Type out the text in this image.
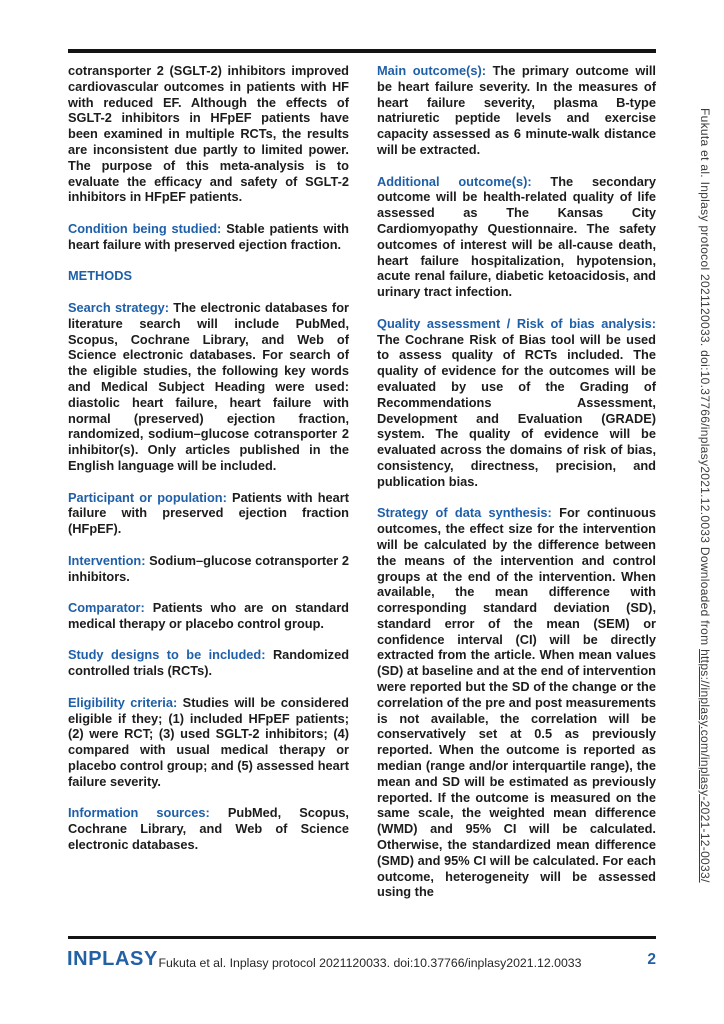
cotransporter 2 (SGLT-2) inhibitors improved cardiovascular outcomes in patients with HF with reduced EF. Although the effects of SGLT-2 inhibitors in HFpEF patients have been examined in multiple RCTs, the results are inconsistent due partly to limited power. The purpose of this meta-analysis is to evaluate the efficacy and safety of SGLT-2 inhibitors in HFpEF patients.

Condition being studied: Stable patients with heart failure with preserved ejection fraction.

METHODS

Search strategy: The electronic databases for literature search will include PubMed, Scopus, Cochrane Library, and Web of Science electronic databases. For search of the eligible studies, the following key words and Medical Subject Heading were used: diastolic heart failure, heart failure with normal (preserved) ejection fraction, randomized, sodium–glucose cotransporter 2 inhibitor(s). Only articles published in the English language will be included.

Participant or population: Patients with heart failure with preserved ejection fraction (HFpEF).

Intervention: Sodium–glucose cotransporter 2 inhibitors.

Comparator: Patients who are on standard medical therapy or placebo control group.

Study designs to be included: Randomized controlled trials (RCTs).

Eligibility criteria: Studies will be considered eligible if they; (1) included HFpEF patients; (2) were RCT; (3) used SGLT-2 inhibitors; (4) compared with usual medical therapy or placebo control group; and (5) assessed heart failure severity.

Information sources: PubMed, Scopus, Cochrane Library, and Web of Science electronic databases.

Main outcome(s): The primary outcome will be heart failure severity. In the measures of heart failure severity, plasma B-type natriuretic peptide levels and exercise capacity assessed as 6 minute-walk distance will be extracted.

Additional outcome(s): The secondary outcome will be health-related quality of life assessed as The Kansas City Cardiomyopathy Questionnaire. The safety outcomes of interest will be all-cause death, heart failure hospitalization, hypotension, acute renal failure, diabetic ketoacidosis, and urinary tract infection.

Quality assessment / Risk of bias analysis: The Cochrane Risk of Bias tool will be used to assess quality of RCTs included. The quality of evidence for the outcomes will be evaluated by use of the Grading of Recommendations Assessment, Development and Evaluation (GRADE) system. The quality of evidence will be evaluated across the domains of risk of bias, consistency, directness, precision, and publication bias.

Strategy of data synthesis: For continuous outcomes, the effect size for the intervention will be calculated by the difference between the means of the intervention and control groups at the end of the intervention. When available, the mean difference with corresponding standard deviation (SD), standard error of the mean (SEM) or confidence interval (CI) will be directly extracted from the article. When mean values (SD) at baseline and at the end of intervention were reported but the SD of the change or the correlation of the pre and post measurements is not available, the correlation will be conservatively set at 0.5 as previously reported. When the outcome is reported as median (range and/or interquartile range), the mean and SD will be estimated as previously reported. If the outcome is measured on the same scale, the weighted mean difference (WMD) and 95% CI will be calculated. Otherwise, the standardized mean difference (SMD) and 95% CI will be calculated. For each outcome, heterogeneity will be assessed using the

INPLASY Fukuta et al. Inplasy protocol 2021120033. doi:10.37766/inplasy2021.12.0033	2
Fukuta et al. Inplasy protocol 2021120033. doi:10.37766/inplasy2021.12.0033 Downloaded from https://inplasy.com/inplasy-2021-12-0033/
